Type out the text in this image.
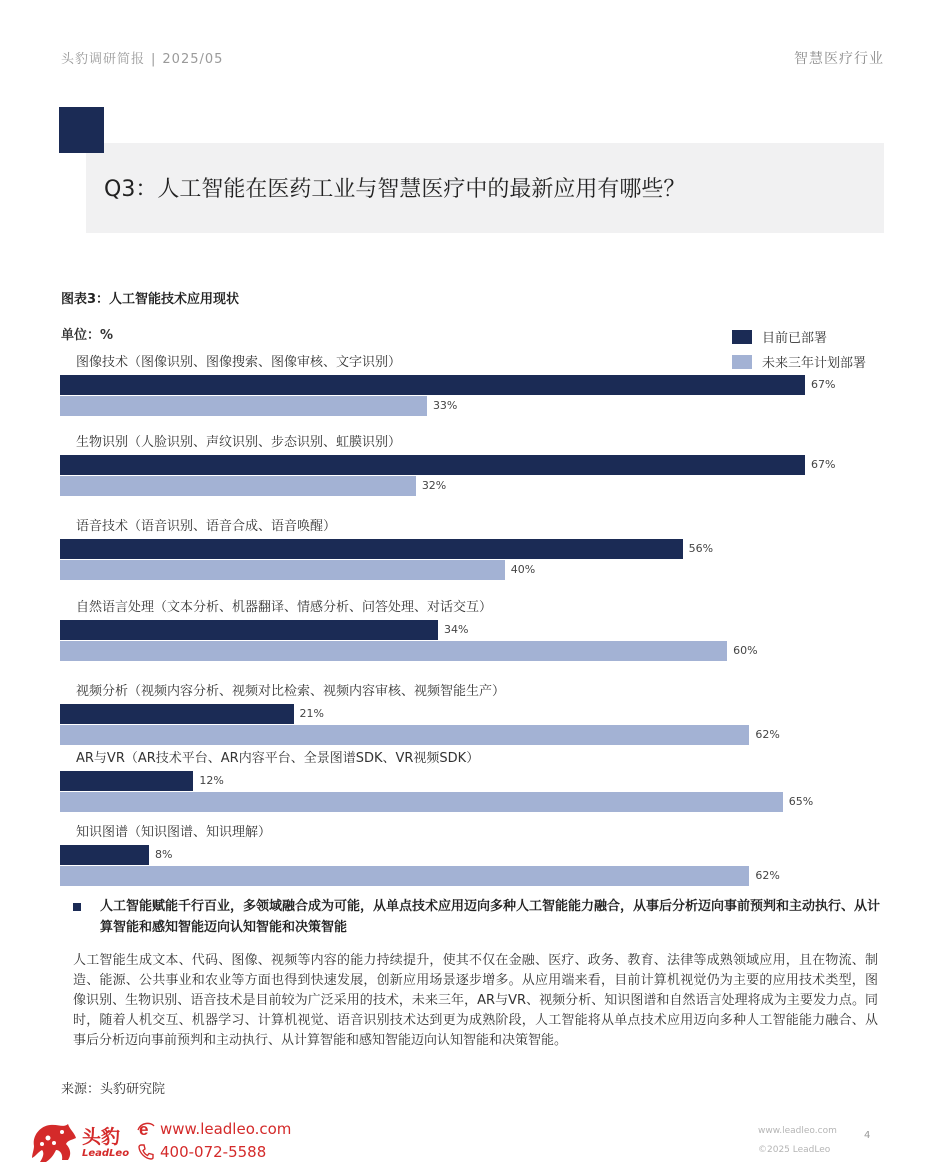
头豹调研简报 | 2025/05	智慧医疗行业
Q3：人工智能在医药工业与智慧医疗中的最新应用有哪些？
图表3：人工智能技术应用现状
单位：%	目前已部署
未来三年计划部署
图像技术（图像识别、图像搜索、图像审核、文字识别）
67%
33%
生物识别（人脸识别、声纹识别、步态识别、虹膜识别）
67%
32%
语音技术（语音识别、语音合成、语音唤醒）
56%
40%
自然语言处理（文本分析、机器翻译、情感分析、问答处理、对话交互）
34%
60%
视频分析（视频内容分析、视频对比检索、视频内容审核、视频智能生产）
21%
62%
AR与VR（AR技术平台、AR内容平台、全景图谱SDK、VR视频SDK）
12%
65%
知识图谱（知识图谱、知识理解）
8%
62%
人工智能赋能千行百业，多领域融合成为可能，从单点技术应用迈向多种人工智能能力融合，从事后分析迈向事前预判和主动执行、从计算智能和感知智能迈向认知智能和决策智能
人工智能生成文本、代码、图像、视频等内容的能力持续提升，使其不仅在金融、医疗、政务、教育、法律等成熟领域应用，且在物流、制造、能源、公共事业和农业等方面也得到快速发展，创新应用场景逐步增多。从应用端来看，目前计算机视觉仍为主要的应用技术类型，图像识别、生物识别、语音技术是目前较为广泛采用的技术，未来三年，AR与VR、视频分析、知识图谱和自然语言处理将成为主要发力点。同时，随着人机交互、机器学习、计算机视觉、语音识别技术达到更为成熟阶段，人工智能将从单点技术应用迈向多种人工智能能力融合、从事后分析迈向事前预判和主动执行、从计算智能和感知智能迈向认知智能和决策智能。
来源：头豹研究院
头豹
LeadLeo
e www.leadleo.com
400-072-5588
www.leadleo.com
©2025 LeadLeo
4
